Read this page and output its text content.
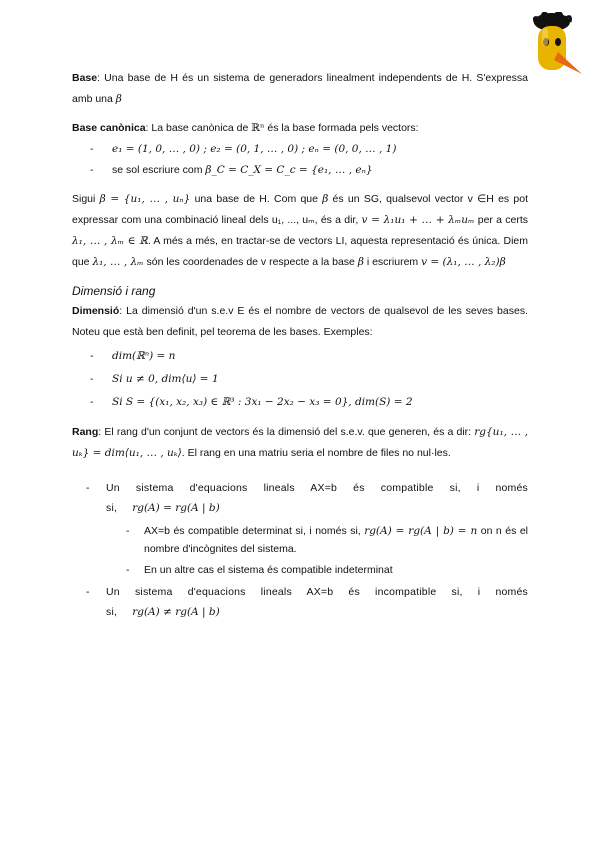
Base: Una base de H és un sistema de generadors linealment independents de H. S'expressa amb una β

Base canònica: La base canònica de ℝⁿ és la base formada pels vectors:

- e₁ = (1, 0, … , 0) ; e₂ = (0, 1, … , 0) ; eₙ = (0, 0, … , 1)
- se sol escriure com β_C = C_X = C_c = {e₁, … , eₙ}

Sigui β = {u₁, … , uₙ} una base de H. Com que β és un SG, qualsevol vector v ∈H es pot expressar com una combinació lineal dels u₁, ..., uₘ, és a dir, v = λ₁u₁ + … + λₘuₘ per a certs λ₁, … , λₘ ∈ ℝ. A més a més, en tractar-se de vectors LI, aquesta representació és única. Diem que λ₁, … , λₘ són les coordenades de v respecte a la base β i escriurem v = (λ₁, … , λ₂)β

Dimensió i rang

Dimensió: La dimensió d'un s.e.v E és el nombre de vectors de qualsevol de les seves bases. Noteu que està ben definit, pel teorema de les bases. Exemples:

- dim(ℝⁿ) = n
- Si u ≠ 0, dim⟨u⟩ = 1
- Si S = {(x₁, x₂, x₃) ∈ ℝ³ : 3x₁ − 2x₂ − x₃ = 0}, dim(S) = 2

Rang: El rang d'un conjunt de vectors és la dimensió del s.e.v. que generen, és a dir: rg{u₁, … , uₖ} = dim⟨u₁, … , uₖ⟩. El rang en una matriu seria el nombre de files no nul·les.

- Un sistema d'equacions lineals AX=b és compatible si, i només si, rg(A) = rg(A | b)
- AX=b és compatible determinat si, i només si, rg(A) = rg(A | b) = n on n és el nombre d'incògnites del sistema.
- En un altre cas el sistema és compatible indeterminat
- Un sistema d'equacions lineals AX=b és incompatible si, i només si, rg(A) ≠ rg(A | b)
